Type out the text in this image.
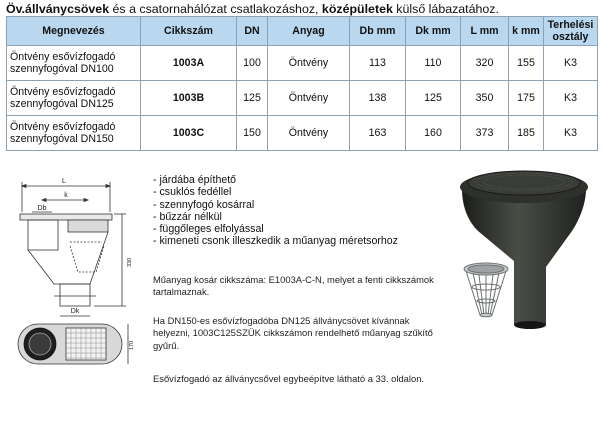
Öv.állványcsövek és a csatornahálózat csatlakozáshoz, középületek külső lábazatához.
Megnevezés	Cikkszám	DN	Anyag	Db mm	Dk mm	L mm	k mm	Terhelési osztály
Öntvény esővízfogadó szennyfogóval DN100	1003A	100	Öntvény	113	110	320	155	K3
Öntvény esővízfogadó szennyfogóval DN125	1003B	125	Öntvény	138	125	350	175	K3
Öntvény esővízfogadó szennyfogóval DN150	1003C	150	Öntvény	163	160	373	185	K3
L
Db
k
Dk
330
170
- járdába építhető
- csuklós fedéllel
- szennyfogó kosárral
- bűzzár nélkül
- függőleges elfolyással
- kimeneti csonk illeszkedik a műanyag méretsorhoz

Műanyag kosár cikkszáma: E1003A-C-N, melyet a fenti cikkszámok tartalmaznak.

Ha DN150-es esővízfogadóba DN125 állványcsövet kívánnak helyezni, 1003C125SZÜK cikkszámon rendelhető műanyag szűkítő gyűrű.

Esővízfogadó az állványcsővel egybeépítve látható a 33. oldalon.
